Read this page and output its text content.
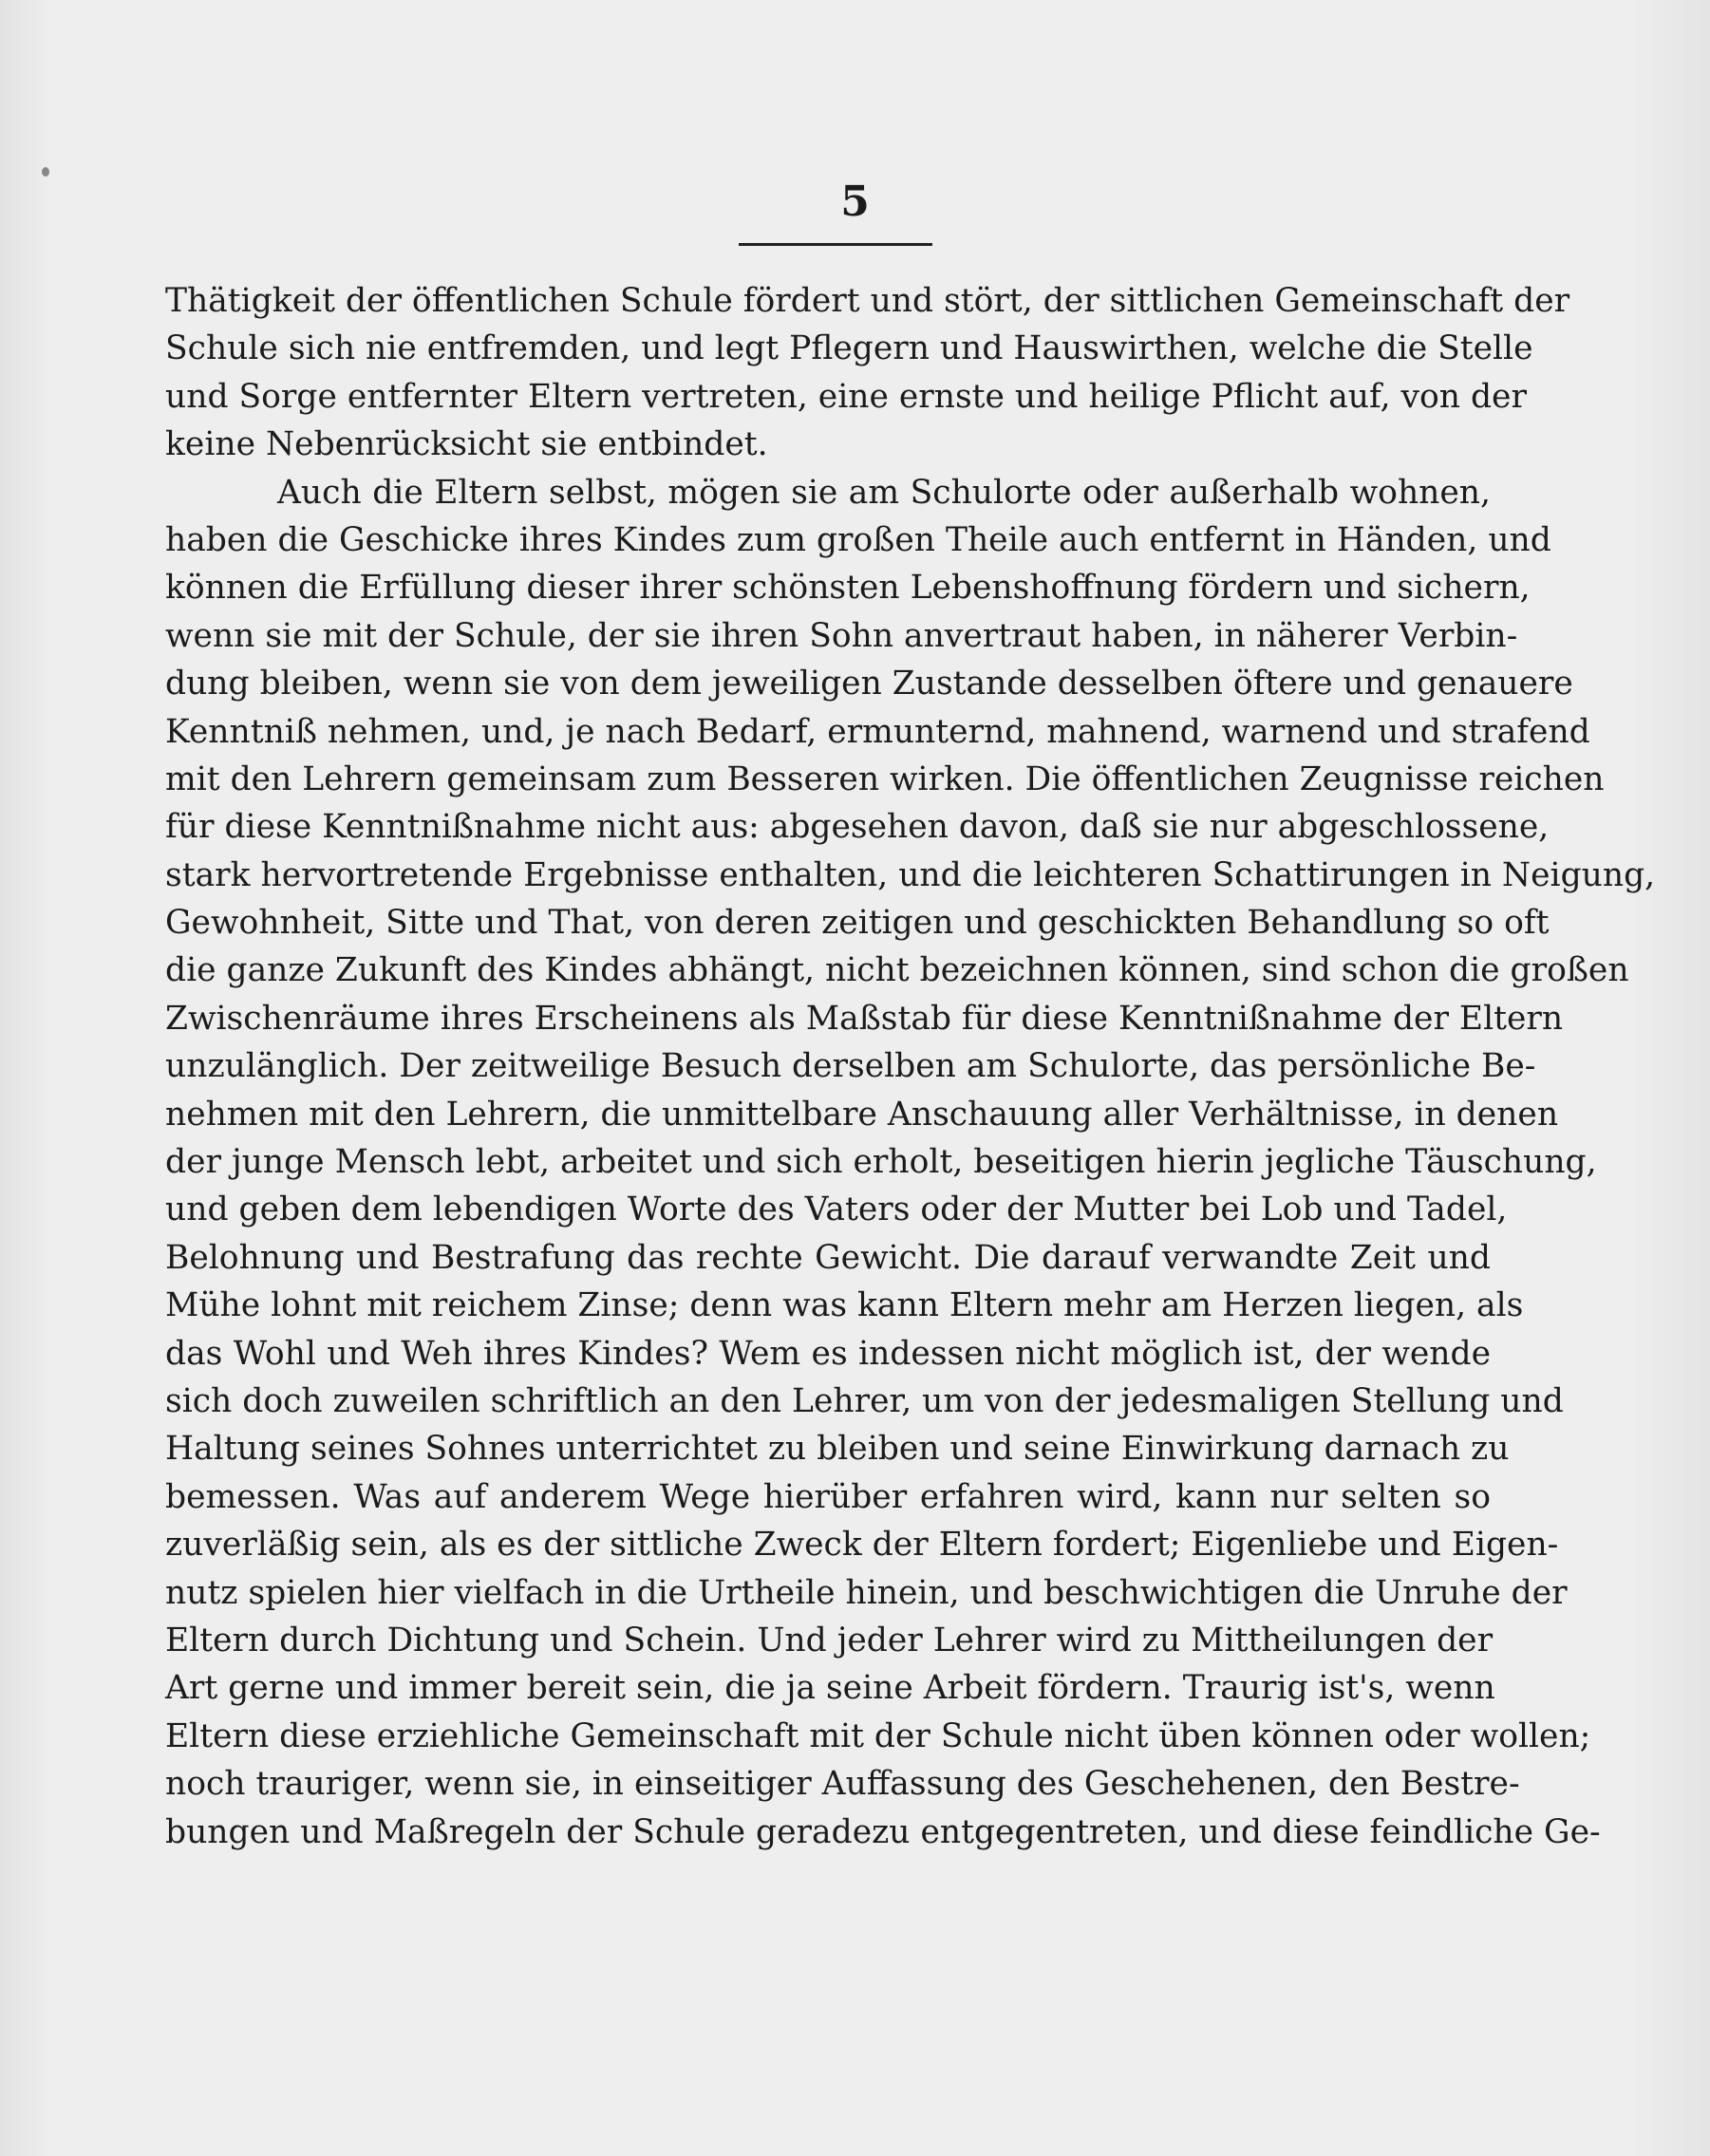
5
Thätigkeit der öffentlichen Schule fördert und stört, der sittlichen Gemeinschaft der
Schule sich nie entfremden, und legt Pflegern und Hauswirthen, welche die Stelle
und Sorge entfernter Eltern vertreten, eine ernste und heilige Pflicht auf, von der
keine Nebenrücksicht sie entbindet.
Auch die Eltern selbst, mögen sie am Schulorte oder außerhalb wohnen,
haben die Geschicke ihres Kindes zum großen Theile auch entfernt in Händen, und
können die Erfüllung dieser ihrer schönsten Lebenshoffnung fördern und sichern,
wenn sie mit der Schule, der sie ihren Sohn anvertraut haben, in näherer Verbin-
dung bleiben, wenn sie von dem jeweiligen Zustande desselben öftere und genauere
Kenntniß nehmen, und, je nach Bedarf, ermunternd, mahnend, warnend und strafend
mit den Lehrern gemeinsam zum Besseren wirken. Die öffentlichen Zeugnisse reichen
für diese Kenntnißnahme nicht aus: abgesehen davon, daß sie nur abgeschlossene,
stark hervortretende Ergebnisse enthalten, und die leichteren Schattirungen in Neigung,
Gewohnheit, Sitte und That, von deren zeitigen und geschickten Behandlung so oft
die ganze Zukunft des Kindes abhängt, nicht bezeichnen können, sind schon die großen
Zwischenräume ihres Erscheinens als Maßstab für diese Kenntnißnahme der Eltern
unzulänglich. Der zeitweilige Besuch derselben am Schulorte, das persönliche Be-
nehmen mit den Lehrern, die unmittelbare Anschauung aller Verhältnisse, in denen
der junge Mensch lebt, arbeitet und sich erholt, beseitigen hierin jegliche Täuschung,
und geben dem lebendigen Worte des Vaters oder der Mutter bei Lob und Tadel,
Belohnung und Bestrafung das rechte Gewicht. Die darauf verwandte Zeit und
Mühe lohnt mit reichem Zinse; denn was kann Eltern mehr am Herzen liegen, als
das Wohl und Weh ihres Kindes? Wem es indessen nicht möglich ist, der wende
sich doch zuweilen schriftlich an den Lehrer, um von der jedesmaligen Stellung und
Haltung seines Sohnes unterrichtet zu bleiben und seine Einwirkung darnach zu
bemessen. Was auf anderem Wege hierüber erfahren wird, kann nur selten so
zuverläßig sein, als es der sittliche Zweck der Eltern fordert; Eigenliebe und Eigen-
nutz spielen hier vielfach in die Urtheile hinein, und beschwichtigen die Unruhe der
Eltern durch Dichtung und Schein. Und jeder Lehrer wird zu Mittheilungen der
Art gerne und immer bereit sein, die ja seine Arbeit fördern. Traurig ist's, wenn
Eltern diese erziehliche Gemeinschaft mit der Schule nicht üben können oder wollen;
noch trauriger, wenn sie, in einseitiger Auffassung des Geschehenen, den Bestre-
bungen und Maßregeln der Schule geradezu entgegentreten, und diese feindliche Ge-
